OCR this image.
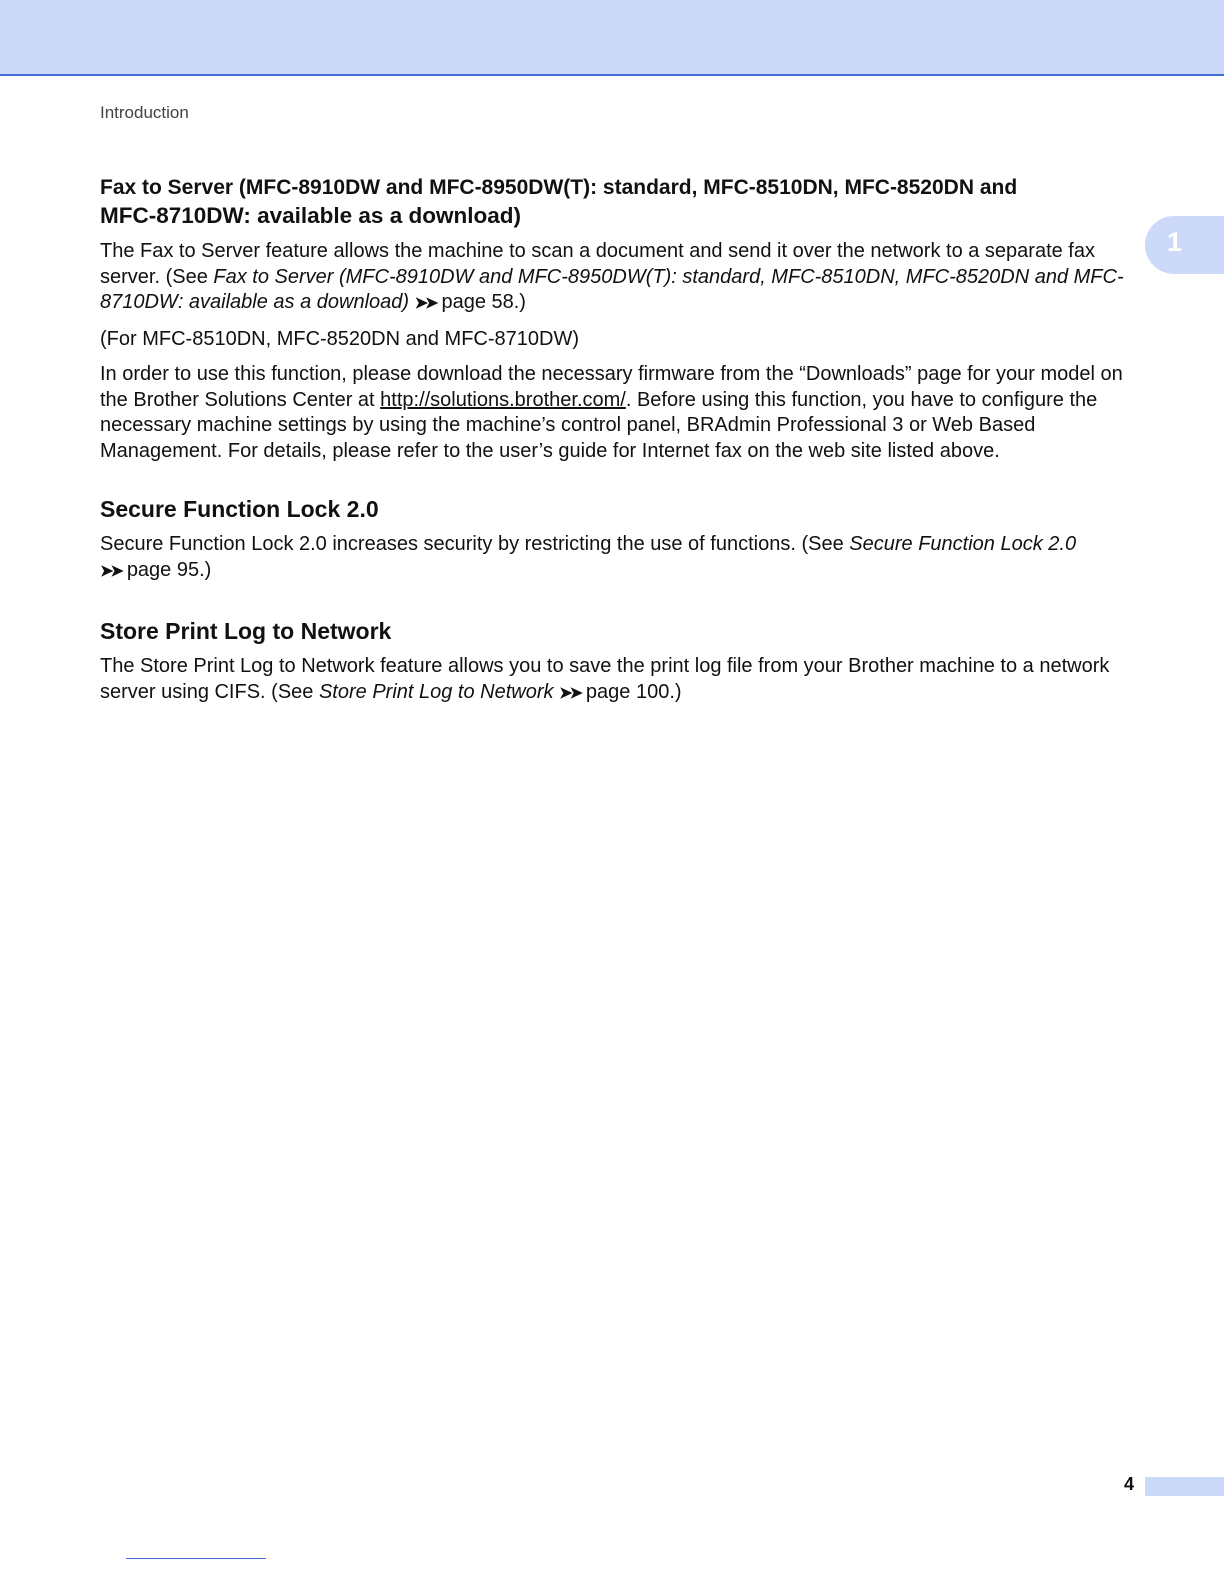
Introduction
1
Fax to Server (MFC-8910DW and MFC-8950DW(T): standard, MFC-8510DN, MFC-8520DN and
MFC-8710DW: available as a download)

The Fax to Server feature allows the machine to scan a document and send it over the network to a separate fax server. (See Fax to Server (MFC-8910DW and MFC-8950DW(T): standard, MFC-8510DN, MFC-8520DN and MFC-8710DW: available as a download) ➤➤ page 58.)

(For MFC-8510DN, MFC-8520DN and MFC-8710DW)

In order to use this function, please download the necessary firmware from the “Downloads” page for your model on the Brother Solutions Center at http://solutions.brother.com/. Before using this function, you have to configure the necessary machine settings by using the machine’s control panel, BRAdmin Professional 3 or Web Based Management. For details, please refer to the user’s guide for Internet fax on the web site listed above.

Secure Function Lock 2.0

Secure Function Lock 2.0 increases security by restricting the use of functions. (See Secure Function Lock 2.0 ➤➤ page 95.)

Store Print Log to Network

The Store Print Log to Network feature allows you to save the print log file from your Brother machine to a network server using CIFS. (See Store Print Log to Network ➤➤ page 100.)

4
